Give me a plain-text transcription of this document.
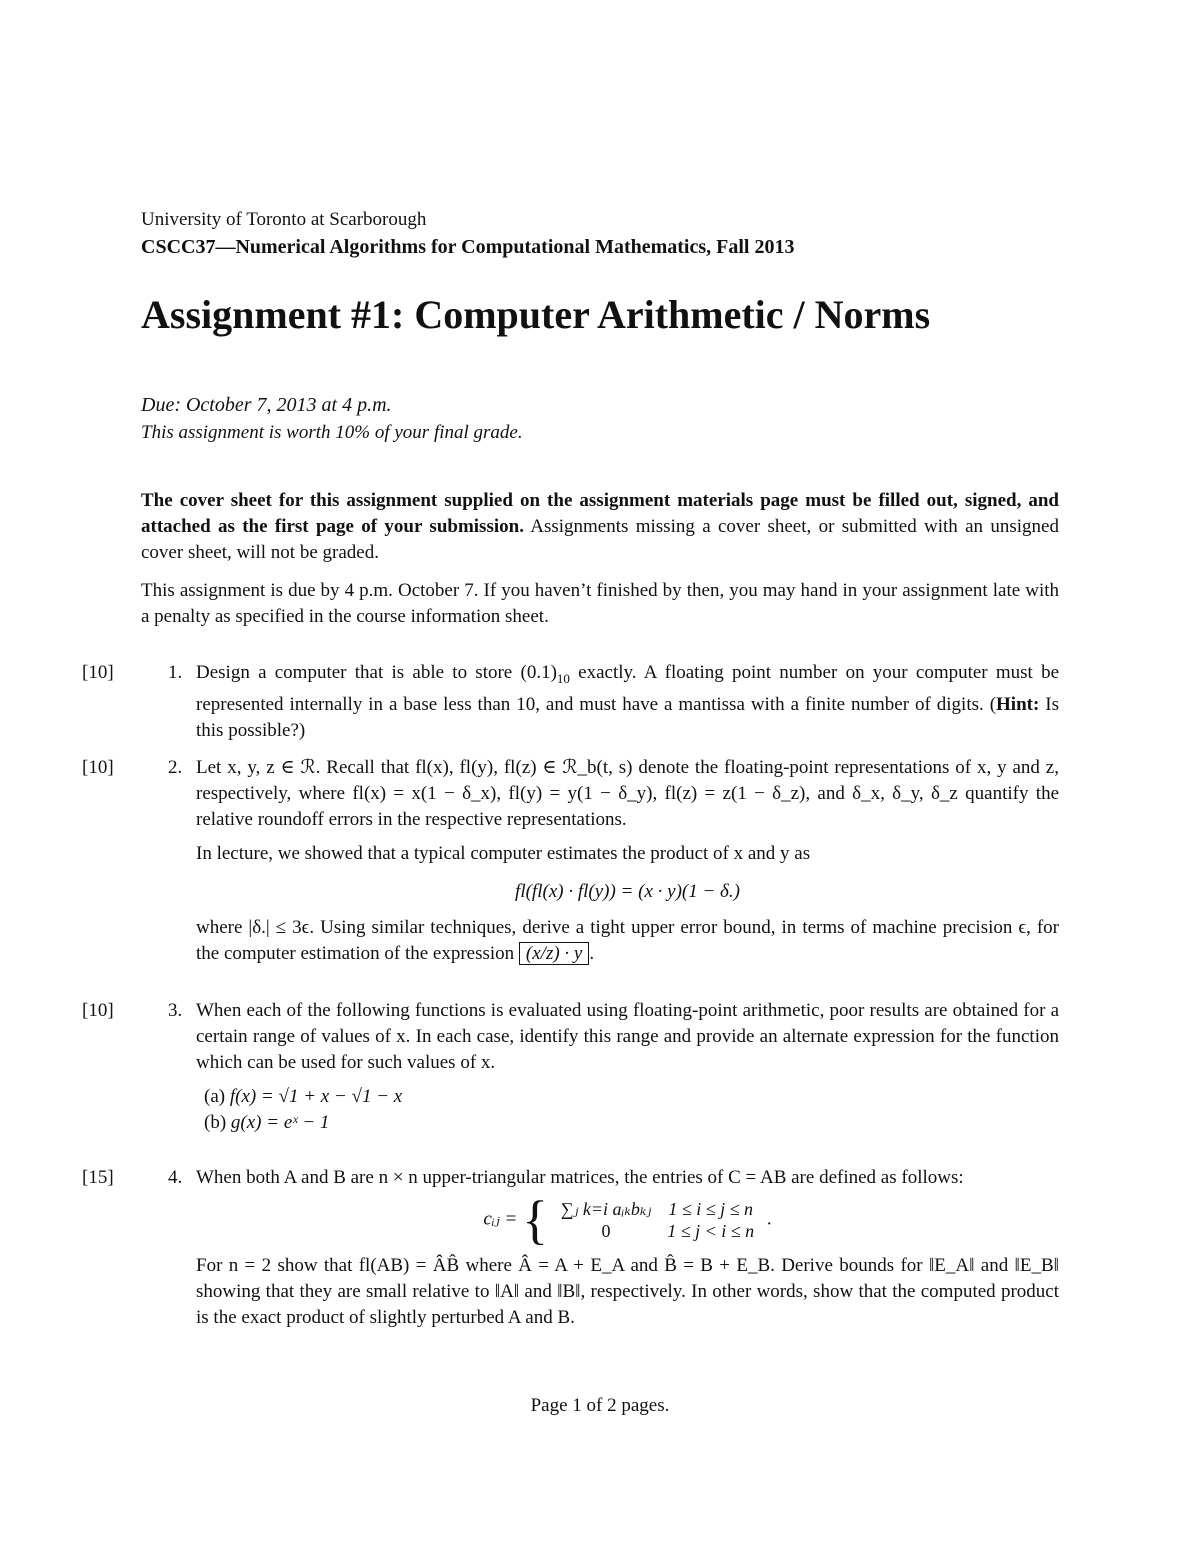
University of Toronto at Scarborough
CSCC37—Numerical Algorithms for Computational Mathematics, Fall 2013
Assignment #1: Computer Arithmetic / Norms
Due: October 7, 2013 at 4 p.m.
This assignment is worth 10% of your final grade.

The cover sheet for this assignment supplied on the assignment materials page must be filled out, signed, and attached as the first page of your submission. Assignments missing a cover sheet, or submitted with an unsigned cover sheet, will not be graded.

This assignment is due by 4 p.m. October 7. If you haven’t finished by then, you may hand in your assignment late with a penalty as specified in the course information sheet.

[10]	1. Design a computer that is able to store $(0.1)_{10}$ exactly. A floating point number on your computer must be represented internally in a base less than 10, and must have a mantissa with a finite number of digits. (Hint: Is this possible?)
[10]	2. Let x, y, z ∈ ℛ. Recall that fl(x), fl(y), fl(z) ∈ ℛ_b(t, s) denote the floating-point representations of x, y and z, respectively, where fl(x) = x(1 − δ_x), fl(y) = y(1 − δ_y), fl(z) = z(1 − δ_z), and δ_x, δ_y, δ_z quantify the relative roundoff errors in the respective representations.
In lecture, we showed that a typical computer estimates the product of x and y as
fl(fl(x) · fl(y)) = (x · y)(1 − δ.)
where |δ.| ≤ 3ϵ. Using similar techniques, derive a tight upper error bound, in terms of machine precision ϵ, for the computer estimation of the expression (x/z) · y .
[10]	3. When each of the following functions is evaluated using floating-point arithmetic, poor results are obtained for a certain range of values of x. In each case, identify this range and provide an alternate expression for the function which can be used for such values of x.
(a) f(x) = √1 + x − √1 − x
(b) g(x) = eˣ − 1
[15]	4. When both A and B are n × n upper-triangular matrices, the entries of C = AB are defined as follows:
cᵢⱼ = { ∑ⱼ k=i aᵢₖbₖⱼ	1 ≤ i ≤ j ≤ n
0	1 ≤ j < i ≤ n
.
For n = 2 show that fl(AB) = ÂB̂ where Â = A + E_A and B̂ = B + E_B. Derive bounds for ‖E_A‖ and ‖E_B‖ showing that they are small relative to ‖A‖ and ‖B‖, respectively. In other words, show that the computed product is the exact product of slightly perturbed A and B.
Page 1 of 2 pages.
